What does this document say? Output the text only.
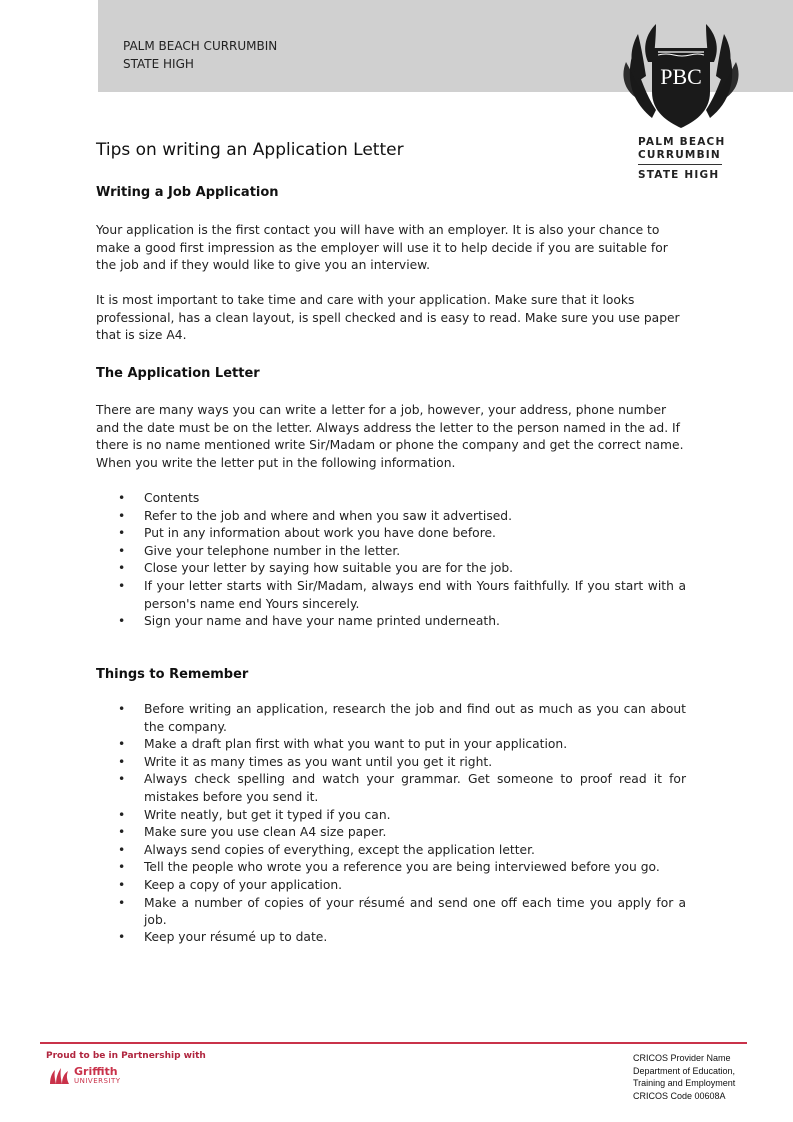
PALM BEACH CURRUMBIN
STATE HIGH	PBC
PALM BEACH
CURRUMBIN
STATE HIGH
Tips on writing an Application Letter
Writing a Job Application
Your application is the first contact you will have with an employer. It is also your chance to make a good first impression as the employer will use it to help decide if you are suitable for the job and if they would like to give you an interview.
It is most important to take time and care with your application. Make sure that it looks professional, has a clean layout, is spell checked and is easy to read. Make sure you use paper that is size A4.
The Application Letter
There are many ways you can write a letter for a job, however, your address, phone number and the date must be on the letter. Always address the letter to the person named in the ad. If there is no name mentioned write Sir/Madam or phone the company and get the correct name. When you write the letter put in the following information.
• Contents
• Refer to the job and where and when you saw it advertised.
• Put in any information about work you have done before.
• Give your telephone number in the letter.
• Close your letter by saying how suitable you are for the job.
• If your letter starts with Sir/Madam, always end with Yours faithfully. If you start with a person's name end Yours sincerely.
• Sign your name and have your name printed underneath.
Things to Remember
• Before writing an application, research the job and find out as much as you can about the company.
• Make a draft plan first with what you want to put in your application.
• Write it as many times as you want until you get it right.
• Always check spelling and watch your grammar. Get someone to proof read it for mistakes before you send it.
• Write neatly, but get it typed if you can.
• Make sure you use clean A4 size paper.
• Always send copies of everything, except the application letter.
• Tell the people who wrote you a reference you are being interviewed before you go.
• Keep a copy of your application.
• Make a number of copies of your résumé and send one off each time you apply for a job.
• Keep your résumé up to date.
Proud to be in Partnership with
Griffith
UNIVERSITY
CRICOS Provider Name
Department of Education,
Training and Employment
CRICOS Code 00608A
